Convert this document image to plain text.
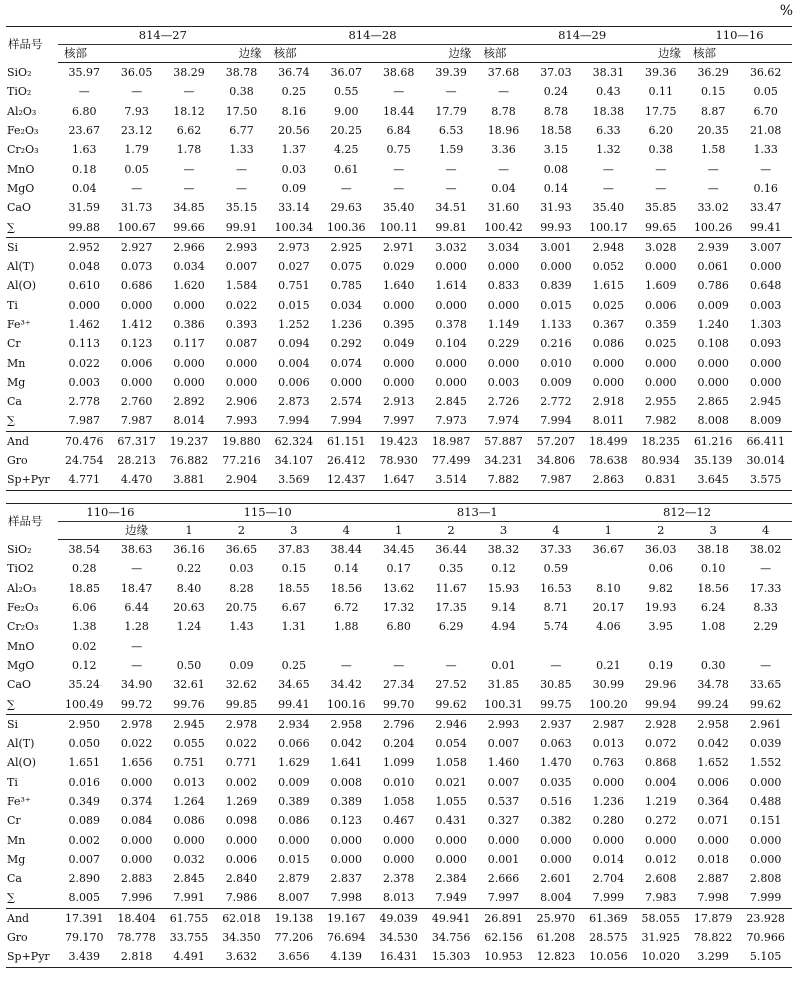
%
样品号	814—27				814—28				814—29				110—16	
	核部		边缘		核部		边缘		核部		边缘		核部	
SiO₂	35.97	36.05	38.29	38.78	36.74	36.07	38.68	39.39	37.68	37.03	38.31	39.36	36.29	36.62
TiO₂	—	—	—	0.38	0.25	0.55	—	—	—	0.24	0.43	0.11	0.15	0.05
Al₂O₃	6.80	7.93	18.12	17.50	8.16	9.00	18.44	17.79	8.78	8.78	18.38	17.75	8.87	6.70
Fe₂O₃	23.67	23.12	6.62	6.77	20.56	20.25	6.84	6.53	18.96	18.58	6.33	6.20	20.35	21.08
Cr₂O₃	1.63	1.79	1.78	1.33	1.37	4.25	0.75	1.59	3.36	3.15	1.32	0.38	1.58	1.33
MnO	0.18	0.05	—	—	0.03	0.61	—	—	—	0.08	—	—	—	—
MgO	0.04	—	—	—	0.09	—	—	—	0.04	0.14	—	—	—	0.16
CaO	31.59	31.73	34.85	35.15	33.14	29.63	35.40	34.51	31.60	31.93	35.40	35.85	33.02	33.47
∑	99.88	100.67	99.66	99.91	100.34	100.36	100.11	99.81	100.42	99.93	100.17	99.65	100.26	99.41
Si	2.952	2.927	2.966	2.993	2.973	2.925	2.971	3.032	3.034	3.001	2.948	3.028	2.939	3.007
Al(T)	0.048	0.073	0.034	0.007	0.027	0.075	0.029	0.000	0.000	0.000	0.052	0.000	0.061	0.000
Al(O)	0.610	0.686	1.620	1.584	0.751	0.785	1.640	1.614	0.833	0.839	1.615	1.609	0.786	0.648
Ti	0.000	0.000	0.000	0.022	0.015	0.034	0.000	0.000	0.000	0.015	0.025	0.006	0.009	0.003
Fe³⁺	1.462	1.412	0.386	0.393	1.252	1.236	0.395	0.378	1.149	1.133	0.367	0.359	1.240	1.303
Cr	0.113	0.123	0.117	0.087	0.094	0.292	0.049	0.104	0.229	0.216	0.086	0.025	0.108	0.093
Mn	0.022	0.006	0.000	0.000	0.004	0.074	0.000	0.000	0.000	0.010	0.000	0.000	0.000	0.000
Mg	0.003	0.000	0.000	0.000	0.006	0.000	0.000	0.000	0.003	0.009	0.000	0.000	0.000	0.000
Ca	2.778	2.760	2.892	2.906	2.873	2.574	2.913	2.845	2.726	2.772	2.918	2.955	2.865	2.945
∑	7.987	7.987	8.014	7.993	7.994	7.994	7.997	7.973	7.974	7.994	8.011	7.982	8.008	8.009
And	70.476	67.317	19.237	19.880	62.324	61.151	19.423	18.987	57.887	57.207	18.499	18.235	61.216	66.411
Gro	24.754	28.213	76.882	77.216	34.107	26.412	78.930	77.499	34.231	34.806	78.638	80.934	35.139	30.014
Sp+Pyr	4.771	4.470	3.881	2.904	3.569	12.437	1.647	3.514	7.882	7.987	2.863	0.831	3.645	3.575
样品号	110—16		115—10				813—1				812—12			
		边缘	1	2	3	4	1	2	3	4	1	2	3	4
SiO₂	38.54	38.63	36.16	36.65	37.83	38.44	34.45	36.44	38.32	37.33	36.67	36.03	38.18	38.02
TiO2	0.28	—	0.22	0.03	0.15	0.14	0.17	0.35	0.12	0.59		0.06	0.10	—
Al₂O₃	18.85	18.47	8.40	8.28	18.55	18.56	13.62	11.67	15.93	16.53	8.10	9.82	18.56	17.33
Fe₂O₃	6.06	6.44	20.63	20.75	6.67	6.72	17.32	17.35	9.14	8.71	20.17	19.93	6.24	8.33
Cr₂O₃	1.38	1.28	1.24	1.43	1.31	1.88	6.80	6.29	4.94	5.74	4.06	3.95	1.08	2.29
MnO	0.02	—												
MgO	0.12	—	0.50	0.09	0.25	—	—	—	0.01	—	0.21	0.19	0.30	—
CaO	35.24	34.90	32.61	32.62	34.65	34.42	27.34	27.52	31.85	30.85	30.99	29.96	34.78	33.65
∑	100.49	99.72	99.76	99.85	99.41	100.16	99.70	99.62	100.31	99.75	100.20	99.94	99.24	99.62
Si	2.950	2.978	2.945	2.978	2.934	2.958	2.796	2.946	2.993	2.937	2.987	2.928	2.958	2.961
Al(T)	0.050	0.022	0.055	0.022	0.066	0.042	0.204	0.054	0.007	0.063	0.013	0.072	0.042	0.039
Al(O)	1.651	1.656	0.751	0.771	1.629	1.641	1.099	1.058	1.460	1.470	0.763	0.868	1.652	1.552
Ti	0.016	0.000	0.013	0.002	0.009	0.008	0.010	0.021	0.007	0.035	0.000	0.004	0.006	0.000
Fe³⁺	0.349	0.374	1.264	1.269	0.389	0.389	1.058	1.055	0.537	0.516	1.236	1.219	0.364	0.488
Cr	0.089	0.084	0.086	0.098	0.086	0.123	0.467	0.431	0.327	0.382	0.280	0.272	0.071	0.151
Mn	0.002	0.000	0.000	0.000	0.000	0.000	0.000	0.000	0.000	0.000	0.000	0.000	0.000	0.000
Mg	0.007	0.000	0.032	0.006	0.015	0.000	0.000	0.000	0.001	0.000	0.014	0.012	0.018	0.000
Ca	2.890	2.883	2.845	2.840	2.879	2.837	2.378	2.384	2.666	2.601	2.704	2.608	2.887	2.808
∑	8.005	7.996	7.991	7.986	8.007	7.998	8.013	7.949	7.997	8.004	7.999	7.983	7.998	7.999
And	17.391	18.404	61.755	62.018	19.138	19.167	49.039	49.941	26.891	25.970	61.369	58.055	17.879	23.928
Gro	79.170	78.778	33.755	34.350	77.206	76.694	34.530	34.756	62.156	61.208	28.575	31.925	78.822	70.966
Sp+Pyr	3.439	2.818	4.491	3.632	3.656	4.139	16.431	15.303	10.953	12.823	10.056	10.020	3.299	5.105
